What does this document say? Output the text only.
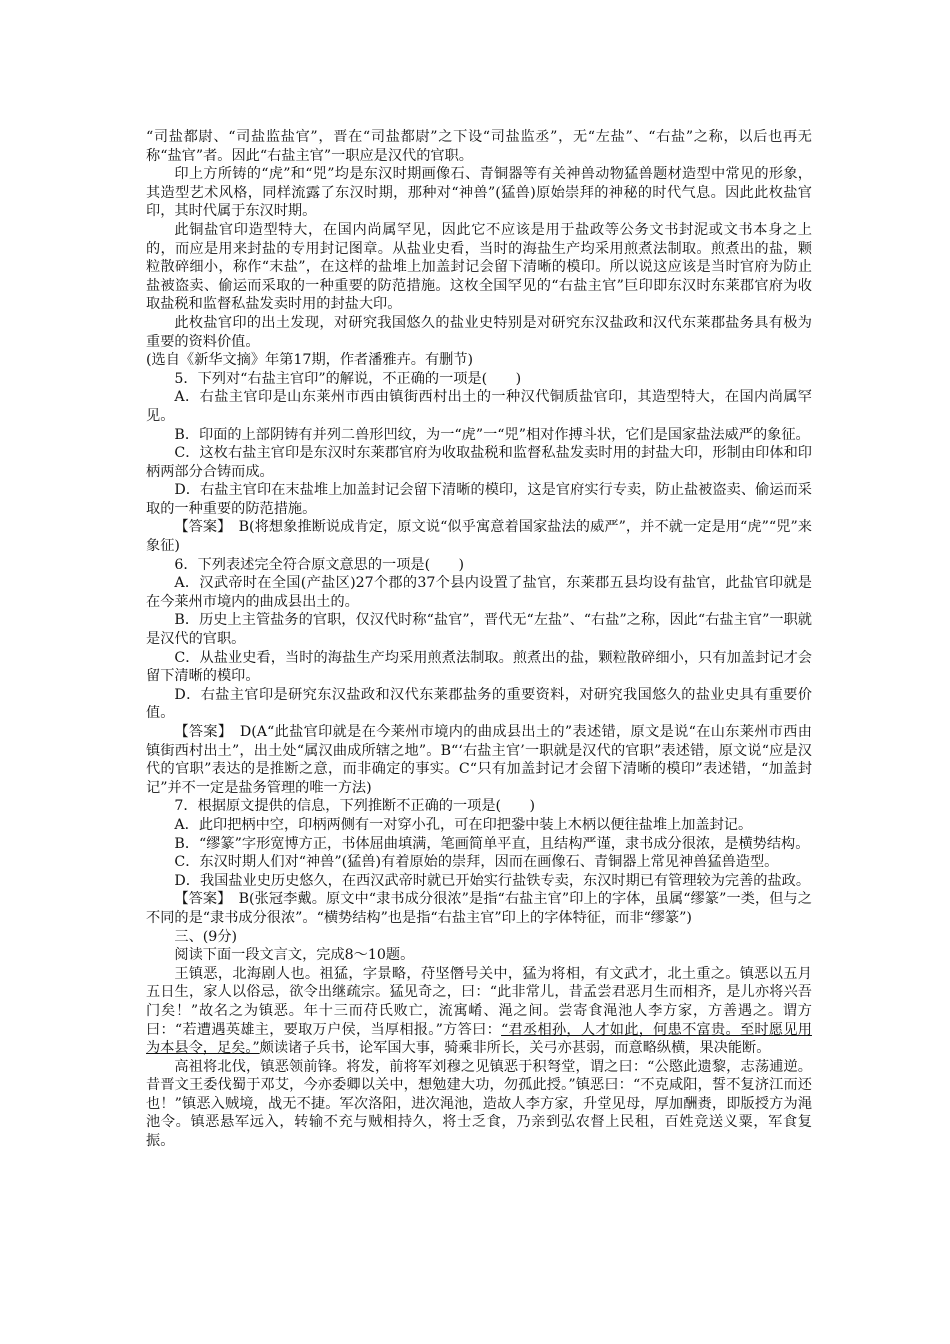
“司盐都尉、“司盐监盐官”，晋在“司盐都尉”之下设“司盐监丞”，无“左盐”、“右盐”之称，以后也再无称“盐官”者。因此“右盐主官”一职应是汉代的官职。

印上方所铸的“虎”和“兕”均是东汉时期画像石、青铜器等有关神兽动物猛兽题材造型中常见的形象，其造型艺术风格，同样流露了东汉时期，那种对“神兽”(猛兽)原始崇拜的神秘的时代气息。因此此枚盐官印，其时代属于东汉时期。

此铜盐官印造型特大，在国内尚属罕见，因此它不应该是用于盐政等公务文书封泥或文书本身之上的，而应是用来封盐的专用封记图章。从盐业史看，当时的海盐生产均采用煎煮法制取。煎煮出的盐，颗粒散碎细小，称作“末盐”，在这样的盐堆上加盖封记会留下清晰的模印。所以说这应该是当时官府为防止盐被盗卖、偷运而采取的一种重要的防范措施。这枚全国罕见的“右盐主官”巨印即东汉时东莱郡官府为收取盐税和监督私盐发卖时用的封盐大印。

此枚盐官印的出土发现，对研究我国悠久的盐业史特别是对研究东汉盐政和汉代东莱郡盐务具有极为重要的资料价值。

(选自《新华文摘》年第17期，作者潘雅卉。有删节)

5．下列对“右盐主官印”的解说，不正确的一项是(　　)

A．右盐主官印是山东莱州市西由镇街西村出土的一种汉代铜质盐官印，其造型特大，在国内尚属罕见。

B．印面的上部阴铸有并列二兽形凹纹，为一“虎”一“兕”相对作搏斗状，它们是国家盐法威严的象征。

C．这枚右盐主官印是东汉时东莱郡官府为收取盐税和监督私盐发卖时用的封盐大印，形制由印体和印柄两部分合铸而成。

D．右盐主官印在末盐堆上加盖封记会留下清晰的模印，这是官府实行专卖，防止盐被盗卖、偷运而采取的一种重要的防范措施。

【答案】　 B(将想象推断说成肯定，原文说“似乎寓意着国家盐法的威严”，并不就一定是用“虎”“兕”来象征)

6．下列表述完全符合原文意思的一项是(　　)

A．汉武帝时在全国(产盐区)27个郡的37个县内设置了盐官，东莱郡五县均设有盐官，此盐官印就是在今莱州市境内的曲成县出土的。

B．历史上主管盐务的官职，仅汉代时称“盐官”，晋代无“左盐”、“右盐”之称，因此“右盐主官”一职就是汉代的官职。

C．从盐业史看，当时的海盐生产均采用煎煮法制取。煎煮出的盐，颗粒散碎细小，只有加盖封记才会留下清晰的模印。

D．右盐主官印是研究东汉盐政和汉代东莱郡盐务的重要资料，对研究我国悠久的盐业史具有重要价值。

【答案】　 D(A“此盐官印就是在今莱州市境内的曲成县出土的”表述错，原文是说“在山东莱州市西由镇街西村出土”，出土处“属汉曲成所辖之地”。B“‘右盐主官’一职就是汉代的官职”表述错，原文说“应是汉代的官职”表达的是推断之意，而非确定的事实。C“只有加盖封记才会留下清晰的模印”表述错，“加盖封记”并不一定是盐务管理的唯一方法)

7．根据原文提供的信息，下列推断不正确的一项是(　　)

A．此印把柄中空，印柄两侧有一对穿小孔，可在印把銎中装上木柄以便往盐堆上加盖封记。

B．“缪篆”字形宽博方正，书体屈曲填满，笔画简单平直，且结构严谨，隶书成分很浓，是横势结构。

C．东汉时期人们对“神兽”(猛兽)有着原始的崇拜，因而在画像石、青铜器上常见神兽猛兽造型。

D．我国盐业史历史悠久，在西汉武帝时就已开始实行盐铁专卖，东汉时期已有管理较为完善的盐政。

【答案】　 B(张冠李戴。原文中“隶书成分很浓”是指“右盐主官”印上的字体，虽属“缪篆”一类，但与之不同的是“隶书成分很浓”。“横势结构”也是指“右盐主官”印上的字体特征，而非“缪篆”)

三、(9分)

阅读下面一段文言文，完成8～10题。

王镇恶，北海剧人也。祖猛，字景略，苻坚僭号关中，猛为将相，有文武才，北土重之。镇恶以五月五日生，家人以俗忌，欲令出继疏宗。猛见奇之，曰：“此非常儿，昔孟尝君恶月生而相齐，是儿亦将兴吾门矣！”故名之为镇恶。年十三而苻氏败亡，流寓崤、渑之间。尝寄食渑池人李方家，方善遇之。谓方曰：“若遭遇英雄主，要取万户侯，当厚相报。”方答曰：“君丞相孙，人才如此，何患不富贵。至时愿见用为本县令，足矣。”颇读诸子兵书，论军国大事，骑乘非所长，关弓亦甚弱，而意略纵横，果决能断。

高祖将北伐，镇恶领前锋。将发，前将军刘穆之见镇恶于积弩堂，谓之曰：“公愍此遗黎，志荡逋逆。昔晋文王委伐蜀于邓艾，今亦委卿以关中，想勉建大功，勿孤此授。”镇恶曰：“不克咸阳，誓不复济江而还也！”镇恶入贼境，战无不捷。军次洛阳，进次渑池，造故人李方家，升堂见母，厚加酬赉，即版授方为渑池令。镇恶悬军远入，转输不充与贼相持久，将士乏食，乃亲到弘农督上民租，百姓竞送义粟，军食复振。
